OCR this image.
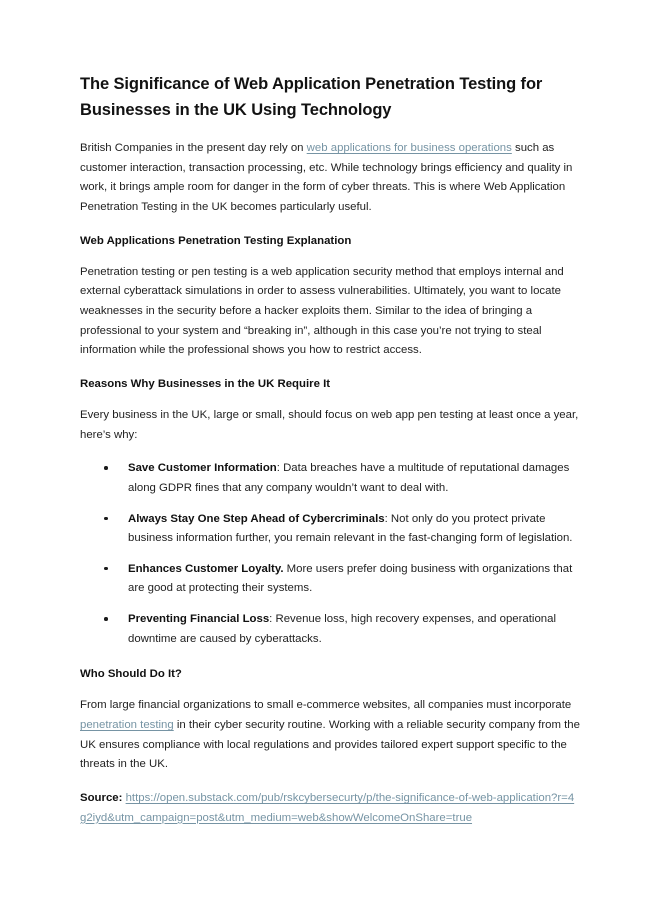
The Significance of Web Application Penetration Testing for Businesses in the UK Using Technology

British Companies in the present day rely on web applications for business operations such as customer interaction, transaction processing, etc. While technology brings efficiency and quality in work, it brings ample room for danger in the form of cyber threats. This is where Web Application Penetration Testing in the UK becomes particularly useful.

Web Applications Penetration Testing Explanation

Penetration testing or pen testing is a web application security method that employs internal and external cyberattack simulations in order to assess vulnerabilities. Ultimately, you want to locate weaknesses in the security before a hacker exploits them. Similar to the idea of bringing a professional to your system and “breaking in”, although in this case you’re not trying to steal information while the professional shows you how to restrict access.

Reasons Why Businesses in the UK Require It

Every business in the UK, large or small, should focus on web app pen testing at least once a year, here’s why:

Save Customer Information: Data breaches have a multitude of reputational damages along GDPR fines that any company wouldn’t want to deal with.
Always Stay One Step Ahead of Cybercriminals: Not only do you protect private business information further, you remain relevant in the fast-changing form of legislation.
Enhances Customer Loyalty. More users prefer doing business with organizations that are good at protecting their systems.
Preventing Financial Loss: Revenue loss, high recovery expenses, and operational downtime are caused by cyberattacks.
Who Should Do It?

From large financial organizations to small e-commerce websites, all companies must incorporate penetration testing in their cyber security routine. Working with a reliable security company from the UK ensures compliance with local regulations and provides tailored expert support specific to the threats in the UK.

Source: https://open.substack.com/pub/rskcybersecurty/p/the-significance-of-web-application?r=4g2iyd&utm_campaign=post&utm_medium=web&showWelcomeOnShare=true
